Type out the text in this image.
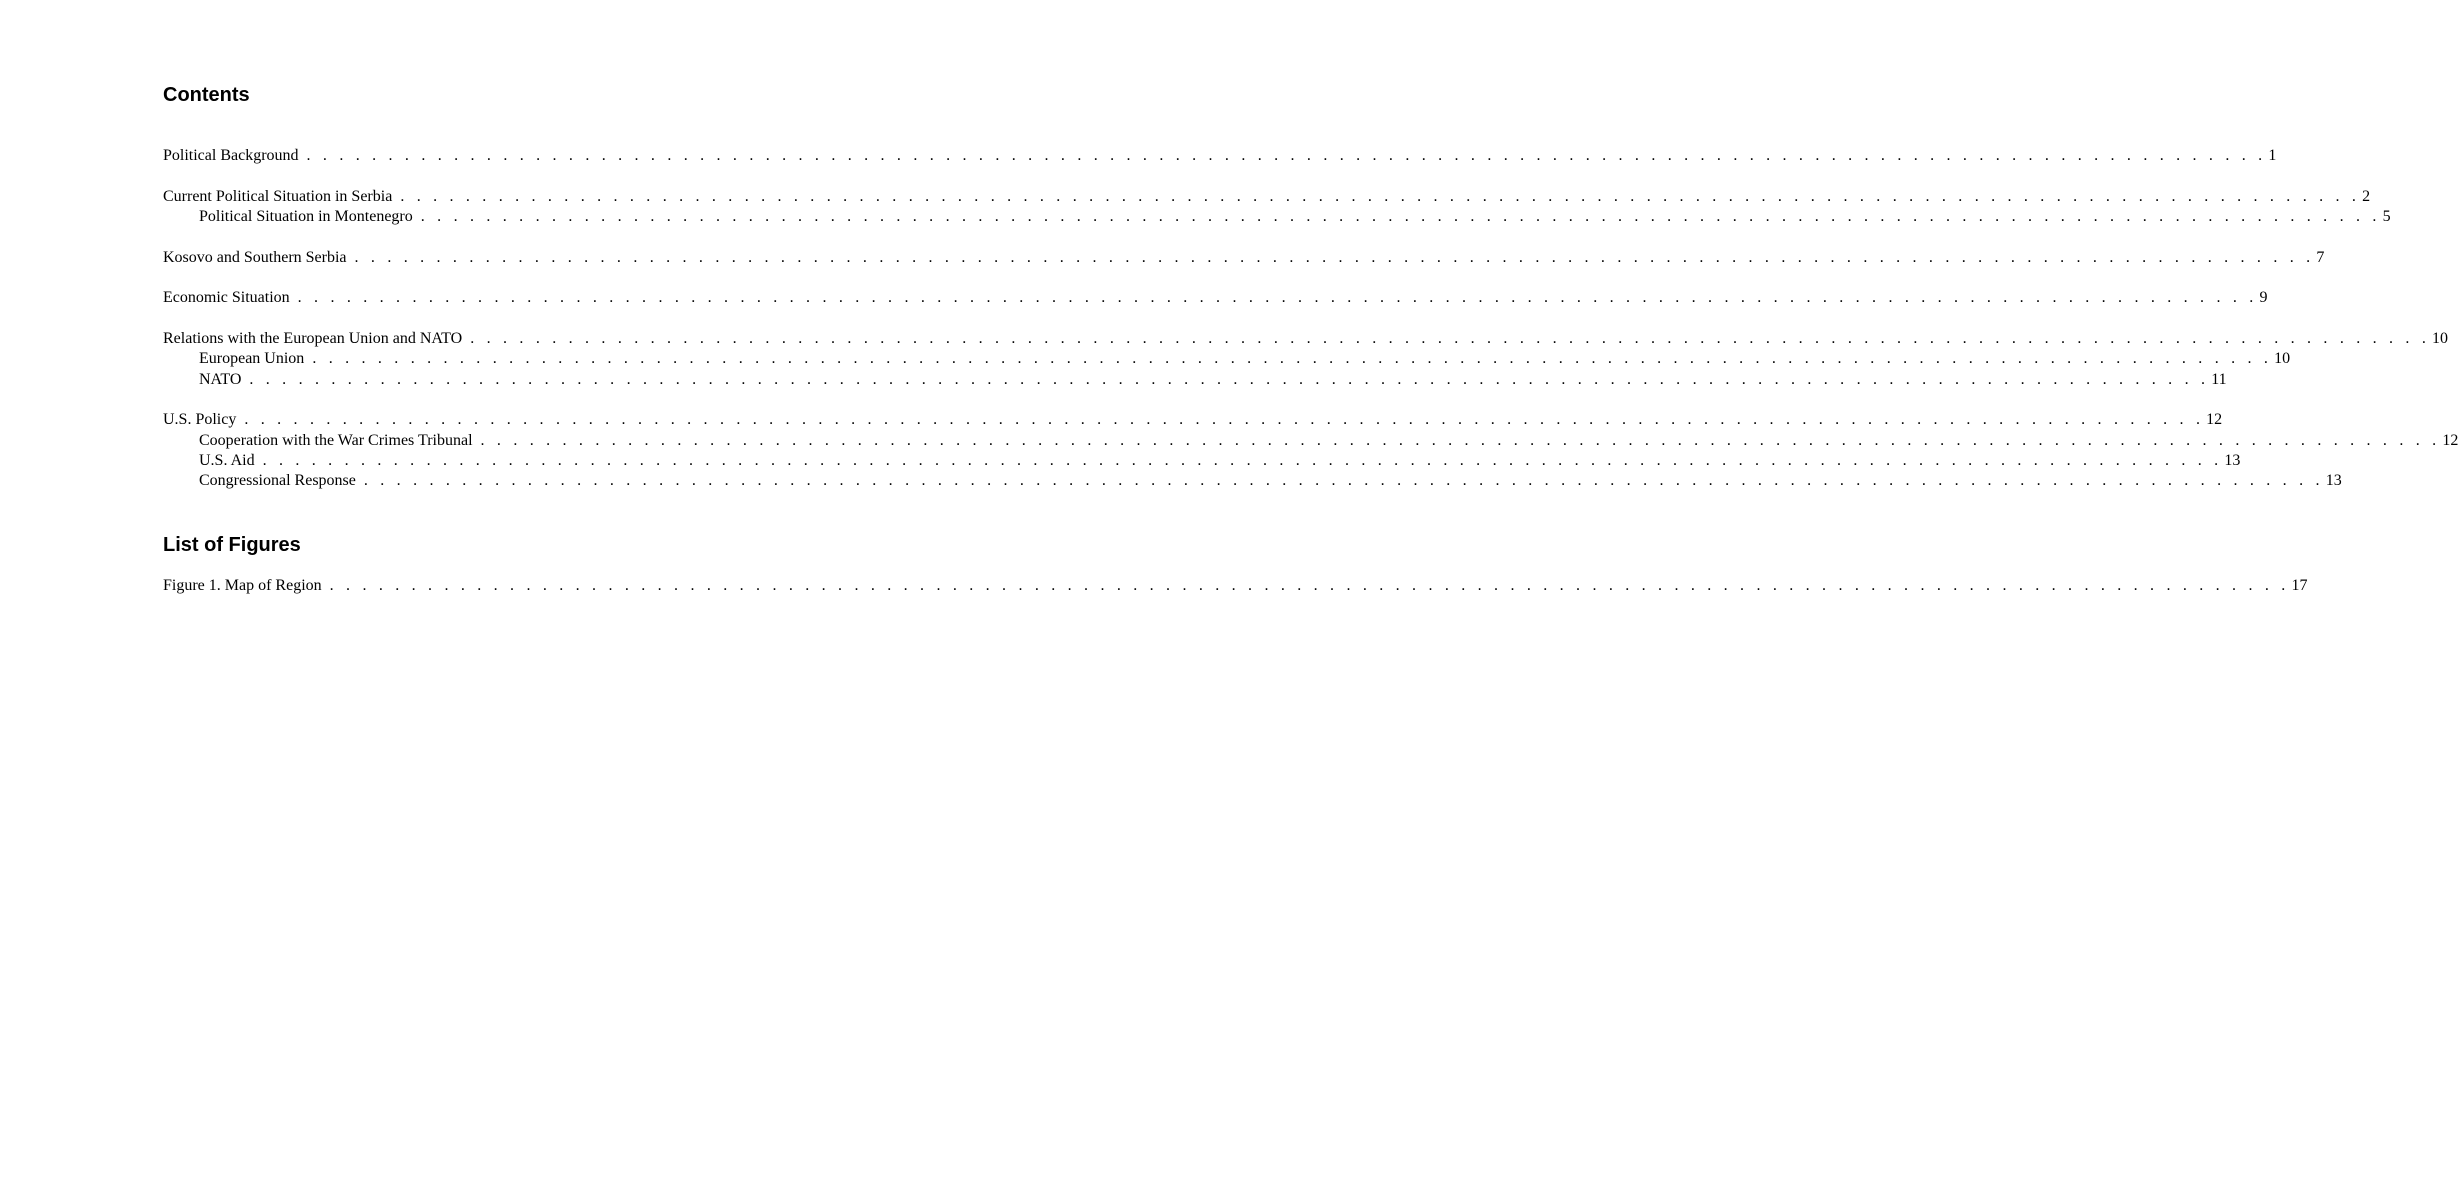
Contents
Political Background . . . . . . . . . . . . . . . . . . . . . . . . . . . . . . . . . . . . . . . . . . . . . . . . . . . . . . . . . . . . . . . . . . . . . . . . . . . . . . . . . . . . . . . . . . . . . . . . . . . . . . . . . . . . . . . . . . . . . . . . 1
Current Political Situation in Serbia . . . . . . . . . . . . . . . . . . . . . . . . . . . . . . . . . . . . . . . . . . . . . . . . . . . . . . . . . . . . . . . . . . . . . . . . . . . . . . . . . . . . . . . . . . . . . . . . . . . . . . . . . . . . . . . . . . . . . . . . 2
Political Situation in Montenegro . . . . . . . . . . . . . . . . . . . . . . . . . . . . . . . . . . . . . . . . . . . . . . . . . . . . . . . . . . . . . . . . . . . . . . . . . . . . . . . . . . . . . . . . . . . . . . . . . . . . . . . . . . . . . . . . . . . . . . . . 5
Kosovo and Southern Serbia . . . . . . . . . . . . . . . . . . . . . . . . . . . . . . . . . . . . . . . . . . . . . . . . . . . . . . . . . . . . . . . . . . . . . . . . . . . . . . . . . . . . . . . . . . . . . . . . . . . . . . . . . . . . . . . . . . . . . . . . 7
Economic Situation . . . . . . . . . . . . . . . . . . . . . . . . . . . . . . . . . . . . . . . . . . . . . . . . . . . . . . . . . . . . . . . . . . . . . . . . . . . . . . . . . . . . . . . . . . . . . . . . . . . . . . . . . . . . . . . . . . . . . . . . 9
Relations with the European Union and NATO . . . . . . . . . . . . . . . . . . . . . . . . . . . . . . . . . . . . . . . . . . . . . . . . . . . . . . . . . . . . . . . . . . . . . . . . . . . . . . . . . . . . . . . . . . . . . . . . . . . . . . . . . . . . . . . . . . . . . . . . 10
European Union . . . . . . . . . . . . . . . . . . . . . . . . . . . . . . . . . . . . . . . . . . . . . . . . . . . . . . . . . . . . . . . . . . . . . . . . . . . . . . . . . . . . . . . . . . . . . . . . . . . . . . . . . . . . . . . . . . . . . . . . 10
NATO . . . . . . . . . . . . . . . . . . . . . . . . . . . . . . . . . . . . . . . . . . . . . . . . . . . . . . . . . . . . . . . . . . . . . . . . . . . . . . . . . . . . . . . . . . . . . . . . . . . . . . . . . . . . . . . . . . . . . . . . 11
U.S. Policy . . . . . . . . . . . . . . . . . . . . . . . . . . . . . . . . . . . . . . . . . . . . . . . . . . . . . . . . . . . . . . . . . . . . . . . . . . . . . . . . . . . . . . . . . . . . . . . . . . . . . . . . . . . . . . . . . . . . . . . . 12
Cooperation with the War Crimes Tribunal . . . . . . . . . . . . . . . . . . . . . . . . . . . . . . . . . . . . . . . . . . . . . . . . . . . . . . . . . . . . . . . . . . . . . . . . . . . . . . . . . . . . . . . . . . . . . . . . . . . . . . . . . . . . . . . . . . . . . . . . 12
U.S. Aid . . . . . . . . . . . . . . . . . . . . . . . . . . . . . . . . . . . . . . . . . . . . . . . . . . . . . . . . . . . . . . . . . . . . . . . . . . . . . . . . . . . . . . . . . . . . . . . . . . . . . . . . . . . . . . . . . . . . . . . . 13
Congressional Response . . . . . . . . . . . . . . . . . . . . . . . . . . . . . . . . . . . . . . . . . . . . . . . . . . . . . . . . . . . . . . . . . . . . . . . . . . . . . . . . . . . . . . . . . . . . . . . . . . . . . . . . . . . . . . . . . . . . . . . . 13
List of Figures
Figure 1. Map of Region . . . . . . . . . . . . . . . . . . . . . . . . . . . . . . . . . . . . . . . . . . . . . . . . . . . . . . . . . . . . . . . . . . . . . . . . . . . . . . . . . . . . . . . . . . . . . . . . . . . . . . . . . . . . . . . . . . . . . . . . 17
